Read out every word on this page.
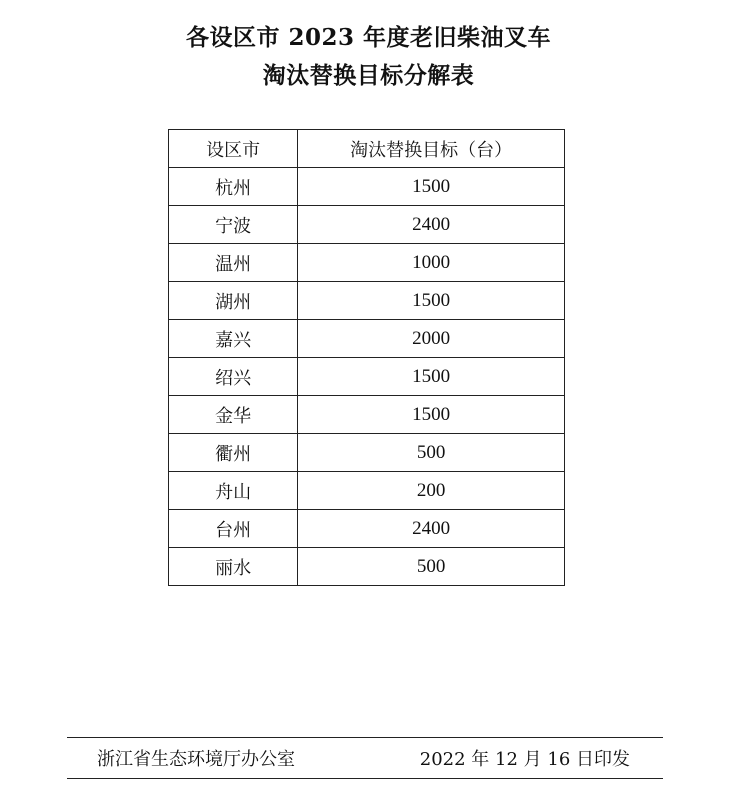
各设区市 2023 年度老旧柴油叉车
淘汰替换目标分解表
设区市	淘汰替换目标（台）
杭州	1500
宁波	2400
温州	1000
湖州	1500
嘉兴	2000
绍兴	1500
金华	1500
衢州	500
舟山	200
台州	2400
丽水	500
浙江省生态环境厅办公室	2022 年 12 月 16 日印发
